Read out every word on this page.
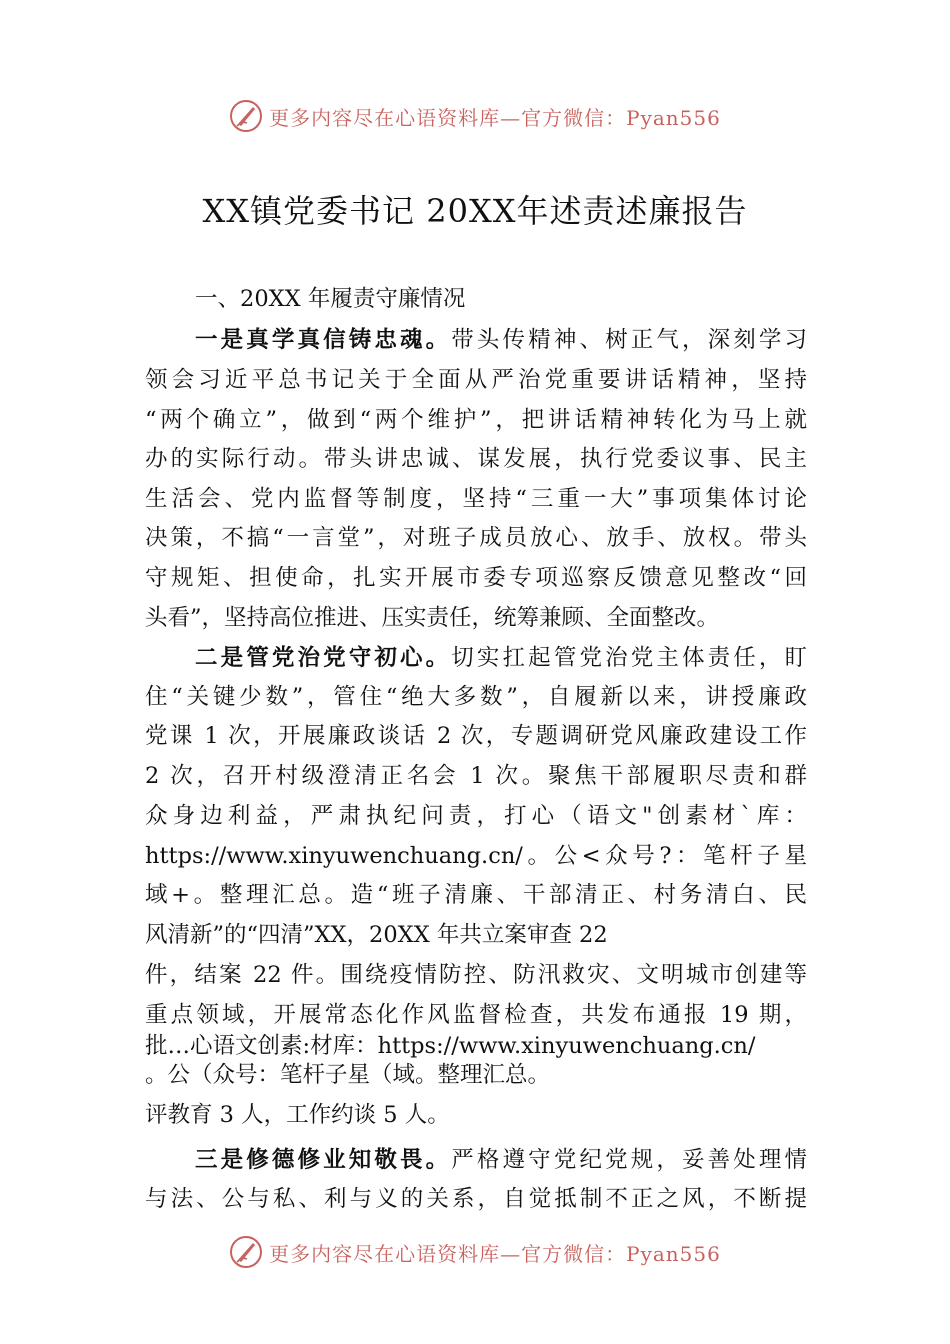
更多内容尽在心语资料库—官方微信：Pyan556
XX镇党委书记 20XX年述责述廉报告
一、20XX 年履责守廉情况
一是真学真信铸忠魂。带头传精神、树正气，深刻学习
领会习近平总书记关于全面从严治党重要讲话精神，坚持
“两个确立”，做到“两个维护”，把讲话精神转化为马上就
办的实际行动。带头讲忠诚、谋发展，执行党委议事、民主
生活会、党内监督等制度，坚持“三重一大”事项集体讨论
决策，不搞“一言堂”，对班子成员放心、放手、放权。带头
守规矩、担使命，扎实开展市委专项巡察反馈意见整改“回
头看”，坚持高位推进、压实责任，统筹兼顾、全面整改。
二是管党治党守初心。切实扛起管党治党主体责任，盯
住“关键少数”，管住“绝大多数”，自履新以来，讲授廉政
党课 1 次，开展廉政谈话 2 次，专题调研党风廉政建设工作
2 次，召开村级澄清正名会 1 次。聚焦干部履职尽责和群
众身边利益，严肃执纪问责，打心（语文"创素材`库：
https://www.xinyuwenchuang.cn/。公<众号?：笔杆子星
域+。整理汇总。造“班子清廉、干部清正、村务清白、民
风清新”的“四清”XX，20XX 年共立案审查 22
件，结案 22 件。围绕疫情防控、防汛救灾、文明城市创建等
重点领域，开展常态化作风监督检查，共发布通报 19 期，
批…心语文创素:材库：https://www.xinyuwenchuang.cn/
。公（众号：笔杆子星（域。整理汇总。
评教育 3 人，工作约谈 5 人。
三是修德修业知敬畏。严格遵守党纪党规，妥善处理情
与法、公与私、利与义的关系，自觉抵制不正之风，不断提
更多内容尽在心语资料库—官方微信：Pyan556
